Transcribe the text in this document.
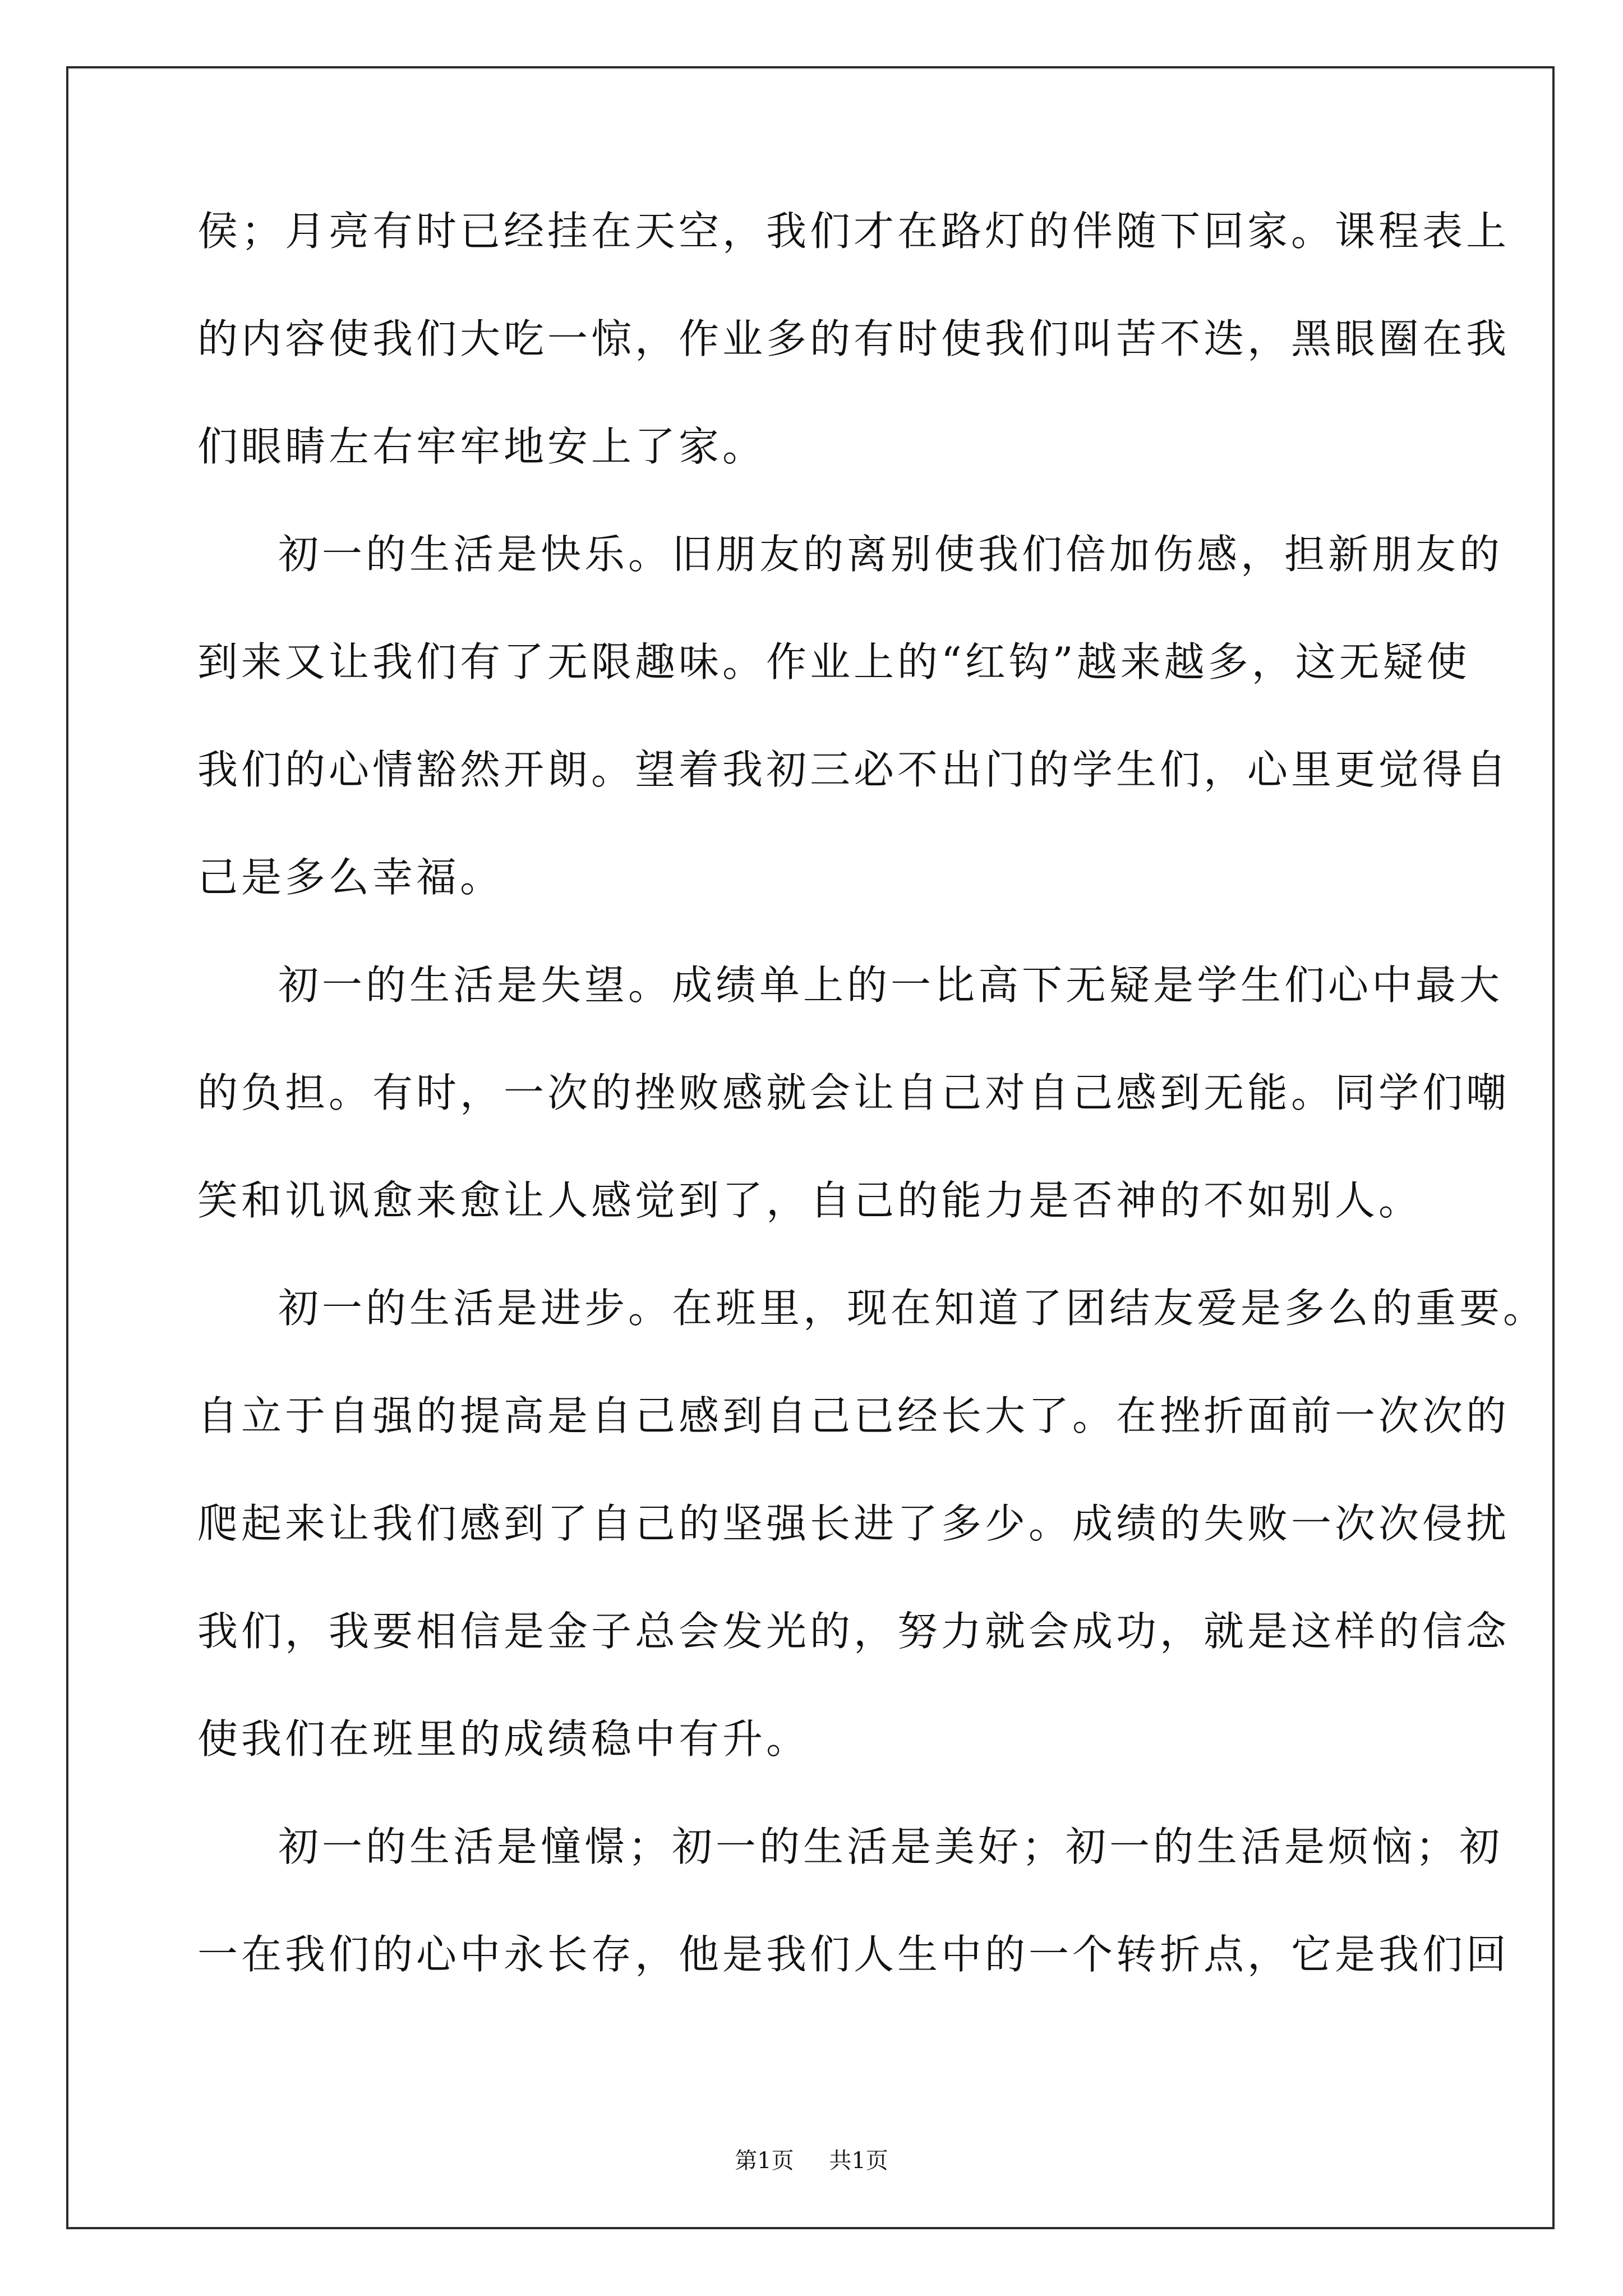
侯；月亮有时已经挂在天空，我们才在路灯的伴随下回家。课程表上
的内容使我们大吃一惊，作业多的有时使我们叫苦不迭，黑眼圈在我
们眼睛左右牢牢地安上了家。
初一的生活是快乐。旧朋友的离别使我们倍加伤感，担新朋友的
到来又让我们有了无限趣味。作业上的“红钩”越来越多，这无疑使
我们的心情豁然开朗。望着我初三必不出门的学生们，心里更觉得自
己是多么幸福。
初一的生活是失望。成绩单上的一比高下无疑是学生们心中最大
的负担。有时，一次的挫败感就会让自己对自己感到无能。同学们嘲
笑和讥讽愈来愈让人感觉到了，自己的能力是否神的不如别人。
初一的生活是进步。在班里，现在知道了团结友爱是多么的重要。
自立于自强的提高是自己感到自己已经长大了。在挫折面前一次次的
爬起来让我们感到了自己的坚强长进了多少。成绩的失败一次次侵扰
我们，我要相信是金子总会发光的，努力就会成功，就是这样的信念
使我们在班里的成绩稳中有升。
初一的生活是憧憬；初一的生活是美好；初一的生活是烦恼；初
一在我们的心中永长存，他是我们人生中的一个转折点，它是我们回
第1页 共1页
